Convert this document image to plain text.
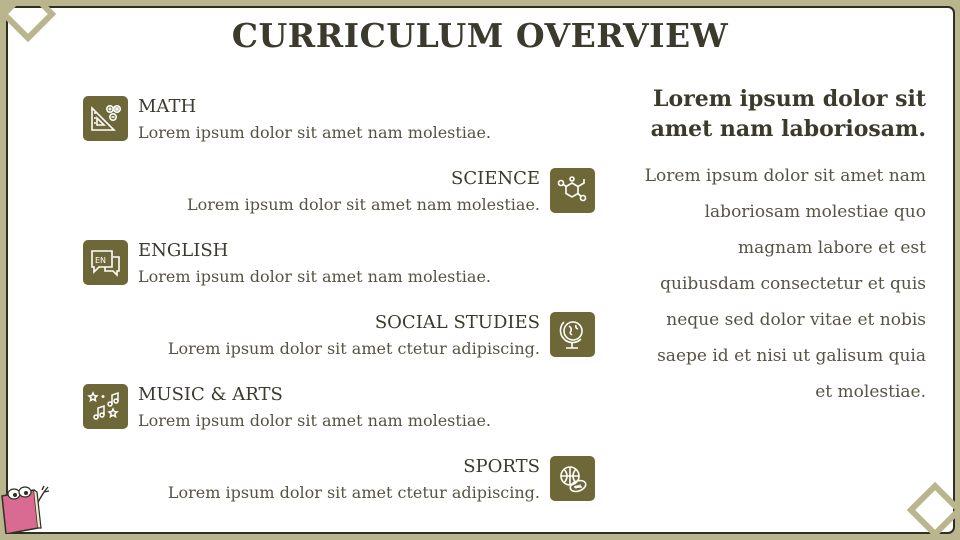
CURRICULUM OVERVIEW
MATH
Lorem ipsum dolor sit amet nam molestiae.
SCIENCE
Lorem ipsum dolor sit amet nam molestiae.
EN ENGLISH
Lorem ipsum dolor sit amet nam molestiae.
SOCIAL STUDIES
Lorem ipsum dolor sit amet ctetur adipiscing.
MUSIC & ARTS
Lorem ipsum dolor sit amet nam molestiae.
SPORTS
Lorem ipsum dolor sit amet ctetur adipiscing.
Lorem ipsum dolor sit amet nam laboriosam.

Lorem ipsum dolor sit amet nam laboriosam molestiae quo magnam labore et est quibusdam consectetur et quis neque sed dolor vitae et nobis saepe id et nisi ut galisum quia et molestiae.
